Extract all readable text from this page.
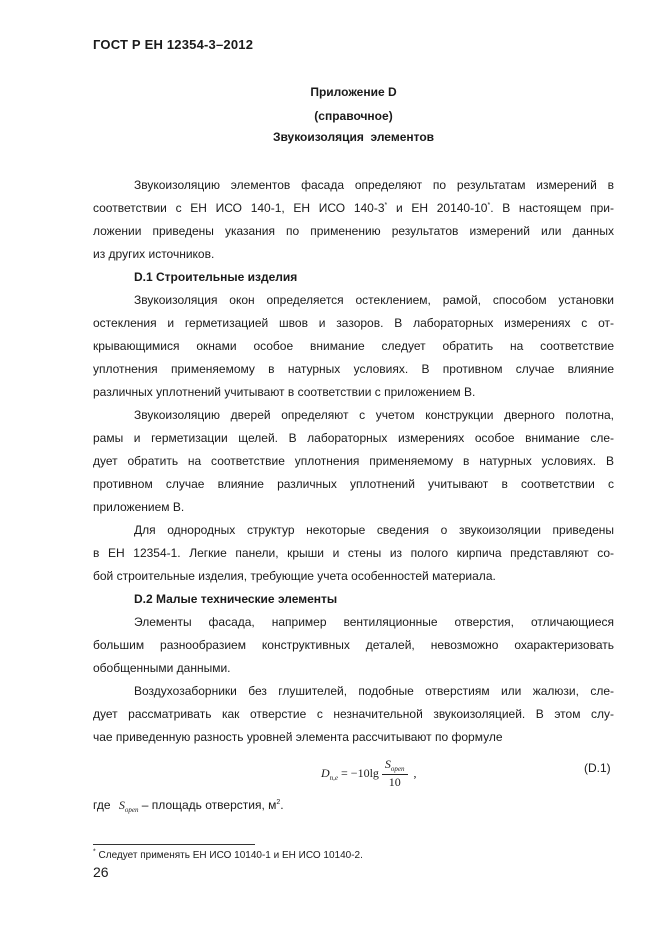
ГОСТ Р ЕН 12354-3–2012
Приложение D
(справочное)
Звукоизоляция  элементов
Звукоизоляцию элементов фасада определяют по результатам измерений в
соответствии с ЕН ИСО 140-1, ЕН ИСО 140-3* и ЕН 20140-10*. В настоящем при-
ложении приведены указания по применению результатов измерений или данных
из других источников.
D.1 Строительные изделия
Звукоизоляция окон определяется остеклением, рамой, способом установки
остекления и герметизацией швов и зазоров. В лабораторных измерениях с от-
крывающимися окнами особое внимание следует обратить на соответствие
уплотнения применяемому в натурных условиях. В противном случае влияние
различных уплотнений учитывают в соответствии с приложением В.
Звукоизоляцию дверей определяют с учетом конструкции дверного полотна,
рамы и герметизации щелей. В лабораторных измерениях особое внимание сле-
дует обратить на соответствие уплотнения применяемому в натурных условиях. В
противном случае влияние различных уплотнений учитывают в соответствии с
приложением В.
Для однородных структур некоторые сведения о звукоизоляции приведены
в ЕН 12354-1. Легкие панели, крыши и стены из полого кирпича представляют со-
бой строительные изделия, требующие учета особенностей материала.
D.2 Малые технические элементы
Элементы фасада, например вентиляционные отверстия, отличающиеся
большим разнообразием конструктивных деталей, невозможно охарактеризовать
обобщенными данными.
Воздухозаборники без глушителей, подобные отверстиям или жалюзи, сле-
дует рассматривать как отверстие с незначительной звукоизоляцией. В этом слу-
чае приведенную разность уровней элемента рассчитывают по формуле
D n,e = −10lg
$S_{open}$
10
,	(D.1)
где $S_{open}$ – площадь отверстия, $м^2$.
* Следует применять ЕН ИСО 10140-1 и ЕН ИСО 10140-2.
26
